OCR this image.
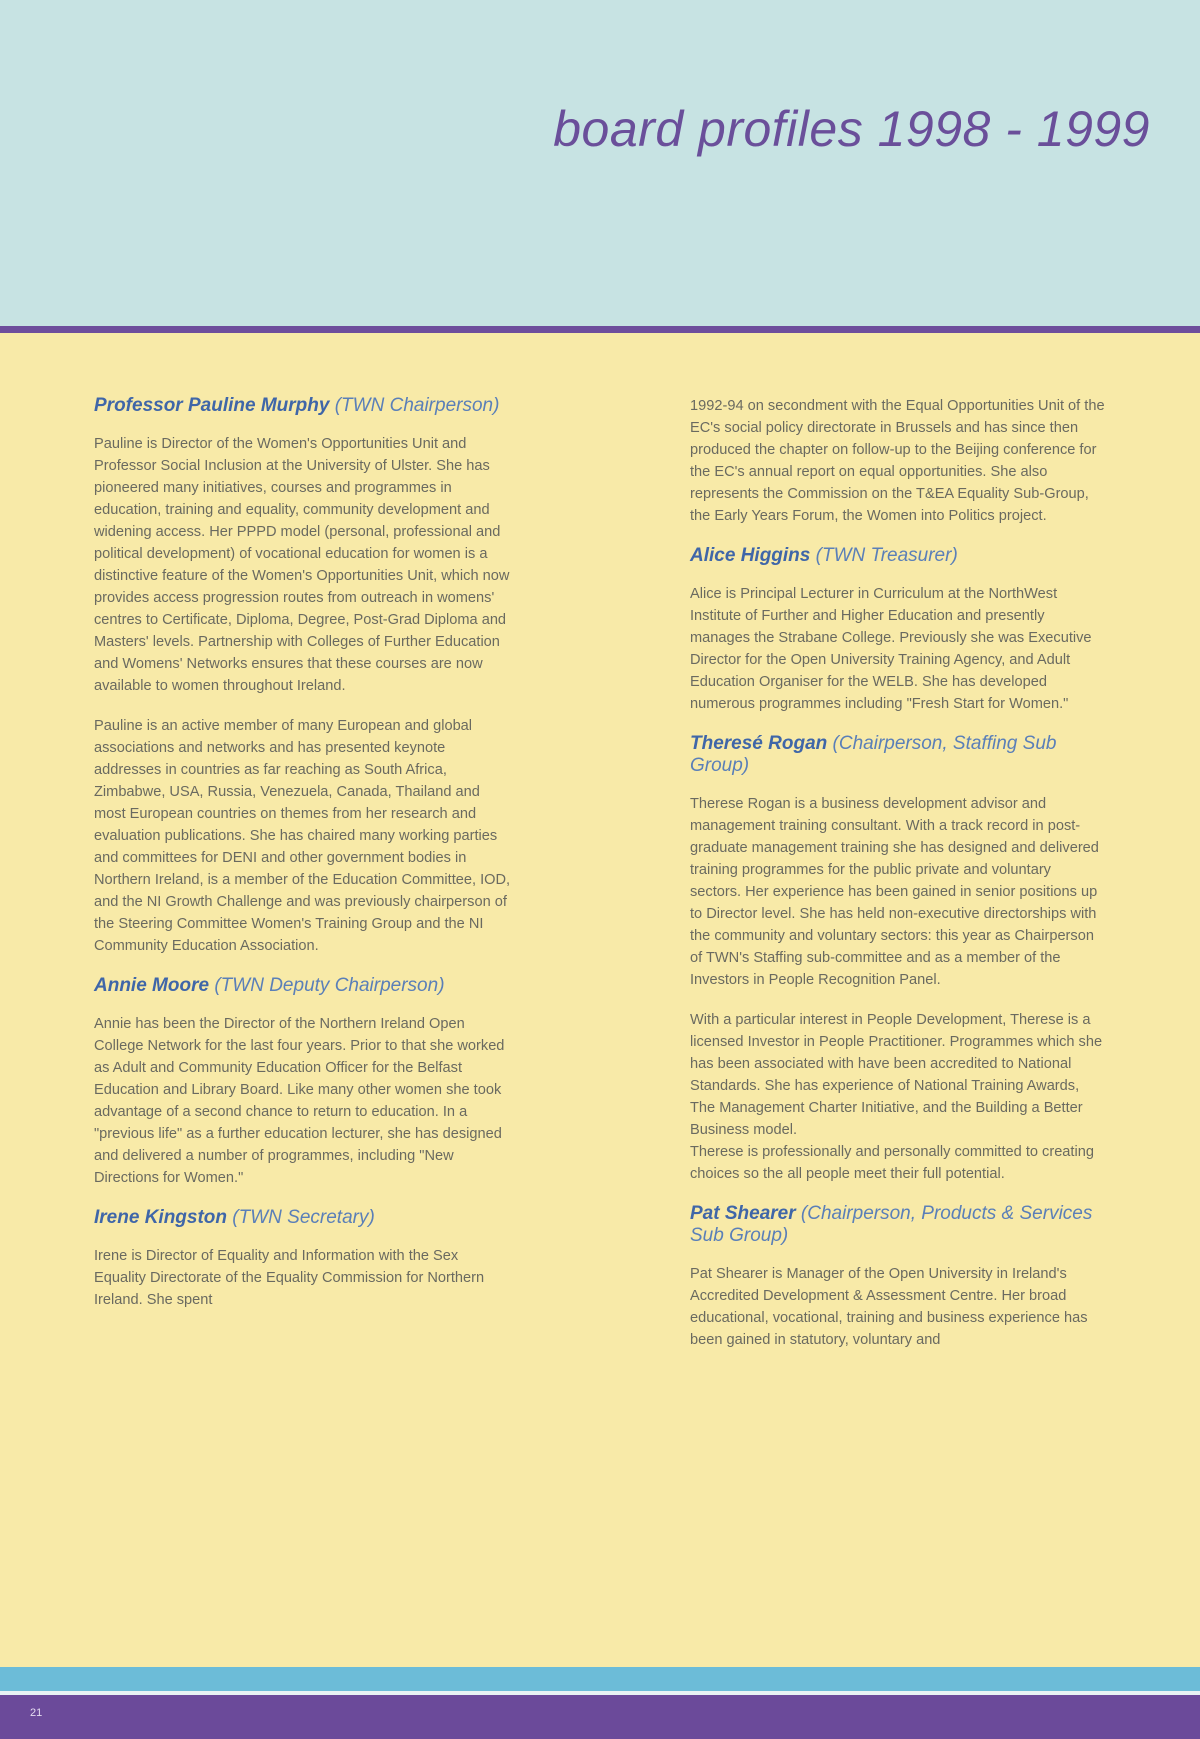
board profiles 1998 - 1999
Professor Pauline Murphy (TWN Chairperson)

Pauline is Director of the Women's Opportunities Unit and Professor Social Inclusion at the University of Ulster. She has pioneered many initiatives, courses and programmes in education, training and equality, community development and widening access. Her PPPD model (personal, professional and political development) of vocational education for women is a distinctive feature of the Women's Opportunities Unit, which now provides access progression routes from outreach in womens' centres to Certificate, Diploma, Degree, Post-Grad Diploma and Masters' levels. Partnership with Colleges of Further Education and Womens' Networks ensures that these courses are now available to women throughout Ireland.

Pauline is an active member of many European and global associations and networks and has presented keynote addresses in countries as far reaching as South Africa, Zimbabwe, USA, Russia, Venezuela, Canada, Thailand and most European countries on themes from her research and evaluation publications. She has chaired many working parties and committees for DENI and other government bodies in Northern Ireland, is a member of the Education Committee, IOD, and the NI Growth Challenge and was previously chairperson of the Steering Committee Women's Training Group and the NI Community Education Association.

Annie Moore (TWN Deputy Chairperson)

Annie has been the Director of the Northern Ireland Open College Network for the last four years. Prior to that she worked as Adult and Community Education Officer for the Belfast Education and Library Board. Like many other women she took advantage of a second chance to return to education. In a "previous life" as a further education lecturer, she has designed and delivered a number of programmes, including "New Directions for Women."

Irene Kingston (TWN Secretary)

Irene is Director of Equality and Information with the Sex Equality Directorate of the Equality Commission for Northern Ireland. She spent

1992-94 on secondment with the Equal Opportunities Unit of the EC's social policy directorate in Brussels and has since then produced the chapter on follow-up to the Beijing conference for the EC's annual report on equal opportunities. She also represents the Commission on the T&EA Equality Sub-Group, the Early Years Forum, the Women into Politics project.

Alice Higgins (TWN Treasurer)

Alice is Principal Lecturer in Curriculum at the NorthWest Institute of Further and Higher Education and presently manages the Strabane College. Previously she was Executive Director for the Open University Training Agency, and Adult Education Organiser for the WELB. She has developed numerous programmes including "Fresh Start for Women."

Theresé Rogan (Chairperson, Staffing Sub Group)

Therese Rogan is a business development advisor and management training consultant. With a track record in post-graduate management training she has designed and delivered training programmes for the public private and voluntary sectors. Her experience has been gained in senior positions up to Director level. She has held non-executive directorships with the community and voluntary sectors: this year as Chairperson of TWN's Staffing sub-committee and as a member of the Investors in People Recognition Panel.

With a particular interest in People Development, Therese is a licensed Investor in People Practitioner. Programmes which she has been associated with have been accredited to National Standards. She has experience of National Training Awards, The Management Charter Initiative, and the Building a Better Business model.
Therese is professionally and personally committed to creating choices so the all people meet their full potential.

Pat Shearer (Chairperson, Products & Services Sub Group)

Pat Shearer is Manager of the Open University in Ireland's Accredited Development & Assessment Centre. Her broad educational, vocational, training and business experience has been gained in statutory, voluntary and

21
